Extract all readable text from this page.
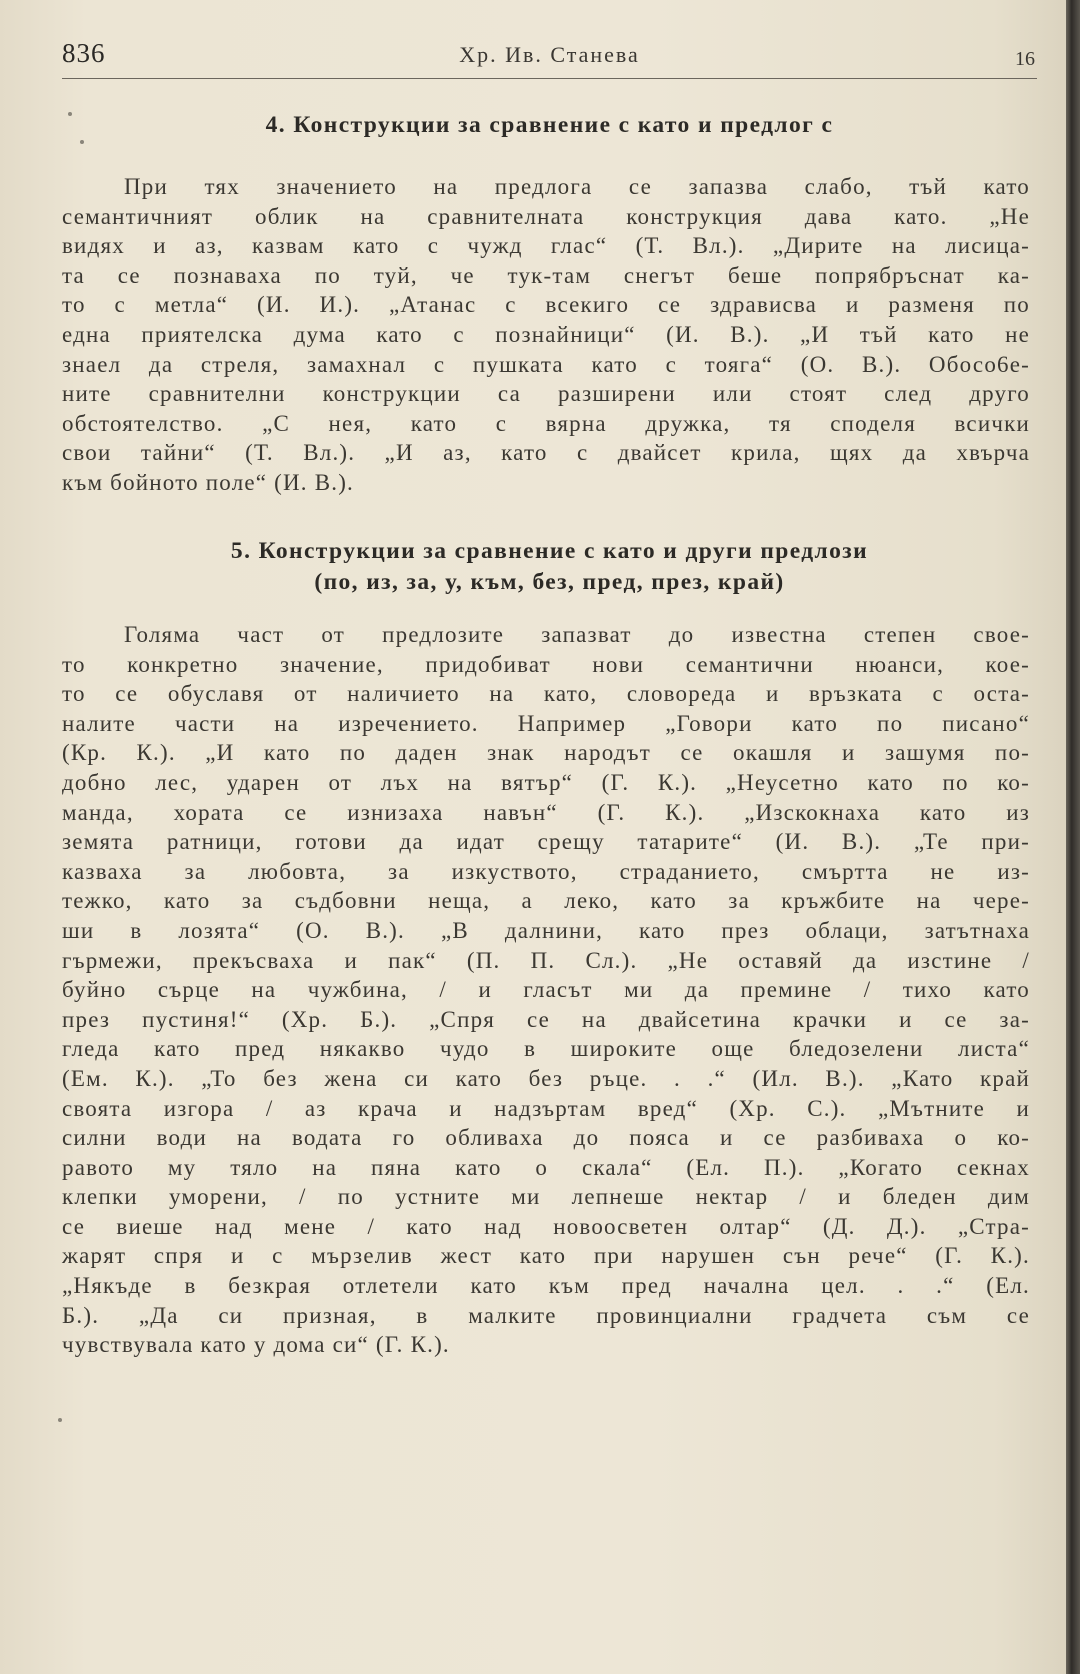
836	Хр. Ив. Станева	16
4. Конструкции за сравнение с като и предлог с
При тях значението на предлога се запазва слабо, тъй като
семантичният облик на сравнителната конструкция дава като. „Не
видях и аз, казвам като с чужд глас“ (Т. Вл.). „Дирите на лисица-
та се познаваха по туй, че тук-там снегът беше попрябръснат ка-
то с метла“ (И. И.). „Атанас с всекиго се здрависва и разменя по
една приятелска дума като с познайници“ (И. В.). „И тъй като не
знаел да стреля, замахнал с пушката като с тояга“ (О. В.). Обосо6е-
ните сравнителни конструкции са разширени или стоят след друго
обстоятелство. „С нея, като с вярна дружка, тя споделя всички
свои тайни“ (Т. Вл.). „И аз, като с двайсет крила, щях да хвърча
към бойното поле“ (И. В.).
5. Конструкции за сравнение с като и други предлози
(по, из, за, у, към, без, пред, през, край)
Голяма част от предлозите запазват до известна степен свое-
то конкретно значение, придобиват нови семантични нюанси, кое-
то се обуславя от наличието на като, словореда и връзката с оста-
налите части на изречението. Например „Говори като по писано“
(Кр. К.). „И като по даден знак народът се окашля и зашумя по-
добно лес, ударен от лъх на вятър“ (Г. К.). „Неусетно като по ко-
манда, хората се изнизаха навън“ (Г. К.). „Изскокнаха като из
земята ратници, готови да идат срещу татарите“ (И. В.). „Те при-
казваха за любовта, за изкуството, страданието, смъртта не из-
тежко, като за съдбовни неща, а леко, като за кръжбите на чере-
ши в лозята“ (О. В.). „В далнини, като през облаци, затътнаха
гърмежи, прекъсваха и пак“ (П. П. Сл.). „Не оставяй да изстине /
буйно сърце на чужбина, / и гласът ми да премине / тихо като
през пустиня!“ (Хр. Б.). „Спря се на двайсетина крачки и се за-
гледа като пред някакво чудо в широките още бледозелени листа“
(Ем. К.). „То без жена си като без ръце. . .“ (Ил. В.). „Като край
своята изгора / аз крача и надзъртам вред“ (Хр. С.). „Мътните и
силни води на водата го обливаха до пояса и се разбиваха о ко-
равото му тяло на пяна като о скала“ (Ел. П.). „Когато секнах
клепки уморени, / по устните ми лепнеше нектар / и бледен дим
се виеше над мене / като над новоосветен олтар“ (Д. Д.). „Стра-
жарят спря и с мързелив жест като при нарушен сън рече“ (Г. К.).
„Някъде в безкрая отлетели като към пред начална цел. . .“ (Ел.
Б.). „Да си призная, в малките провинциални градчета съм се
чувствувала като у дома си“ (Г. К.).
